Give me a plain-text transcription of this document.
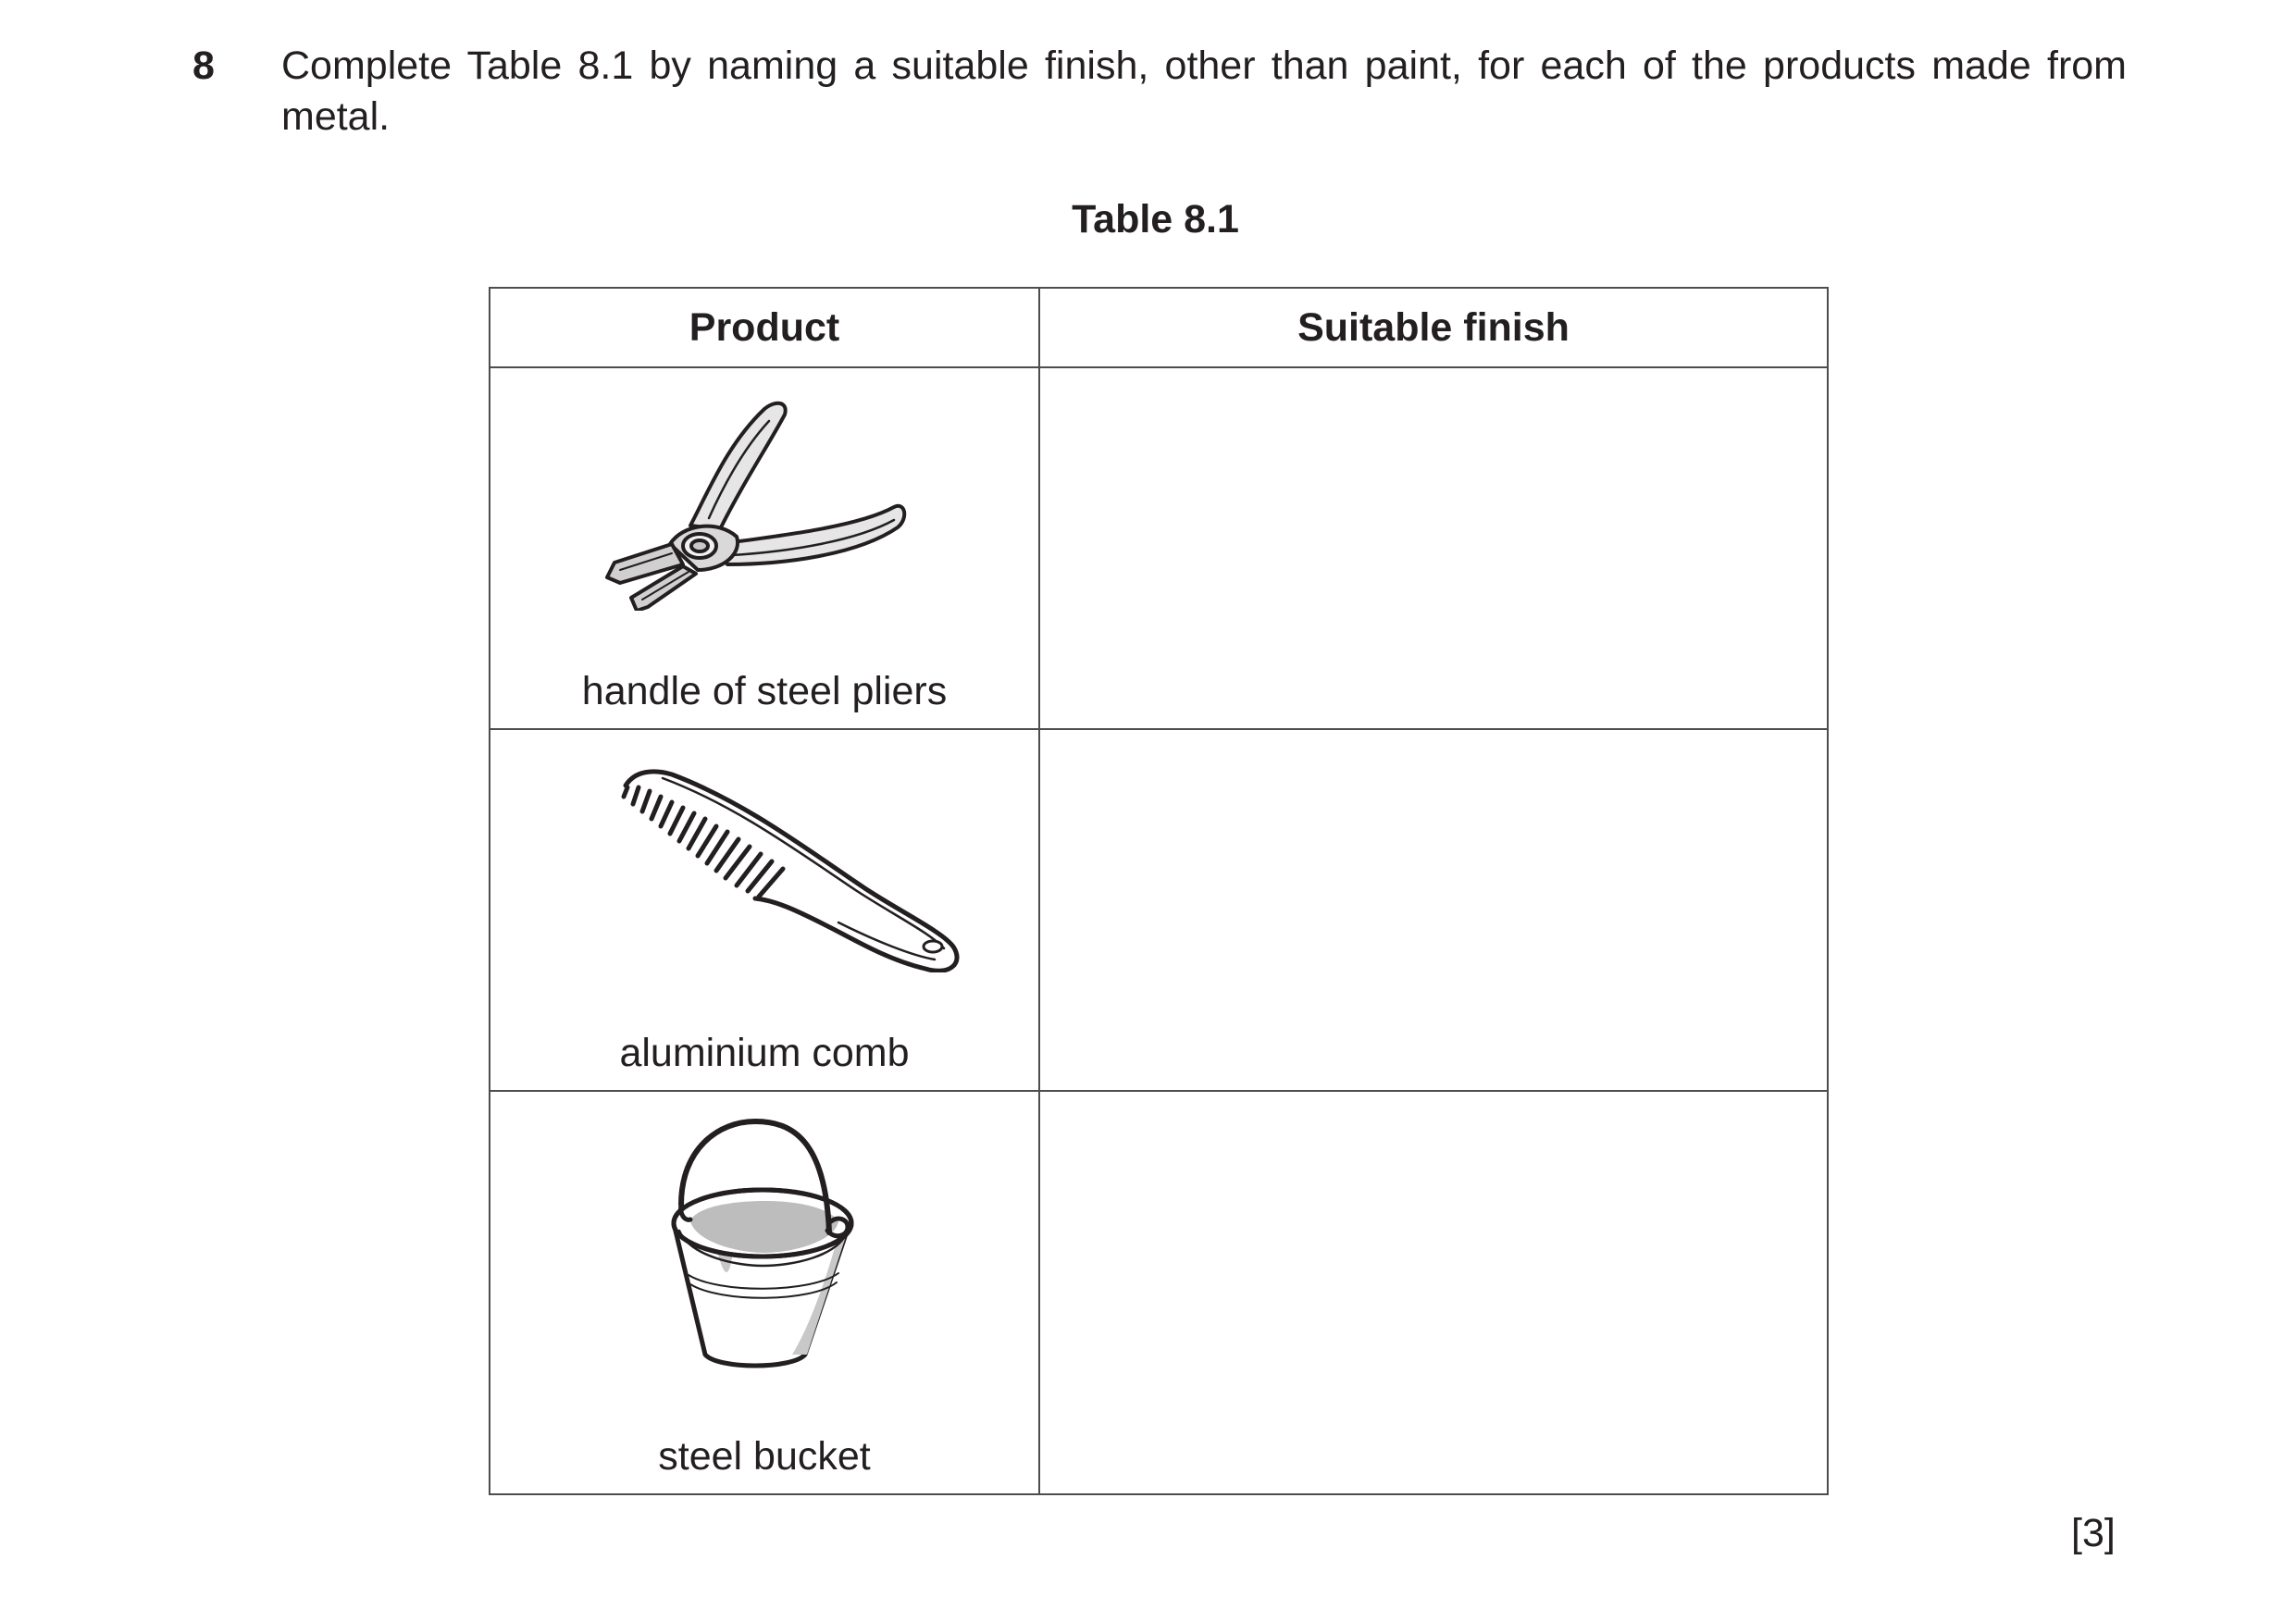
8 Complete Table 8.1 by naming a suitable finish, other than paint, for each of the products made from metal.
Table 8.1
Product	Suitable finish

handle of steel pliers	

aluminium comb	

steel bucket	

[3]
